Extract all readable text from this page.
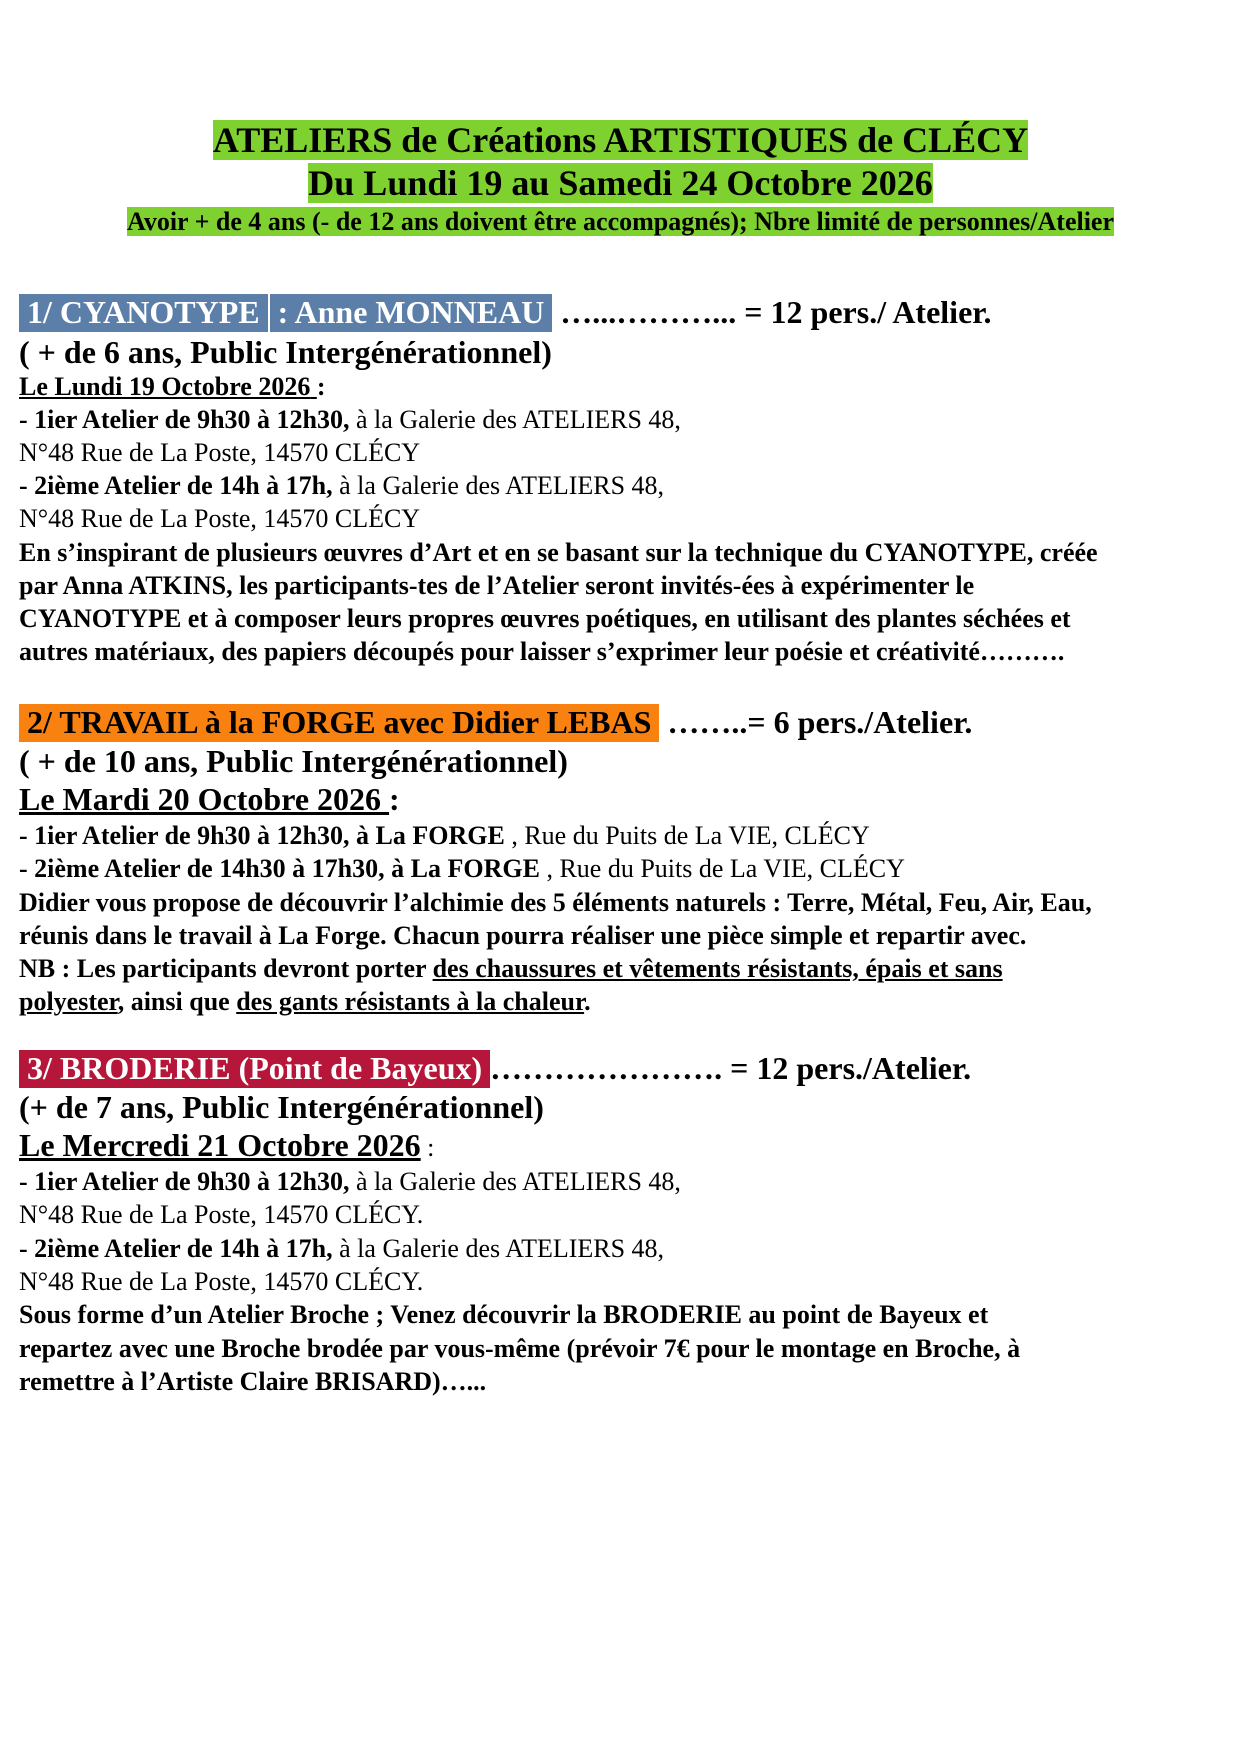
ATELIERS de Créations ARTISTIQUES de CLÉCY
Du Lundi 19 au Samedi 24 Octobre 2026
Avoir + de 4 ans (- de 12 ans doivent être accompagnés); Nbre limité de personnes/Atelier
1/ CYANOTYPE : Anne MONNEAU …...………... = 12 pers./ Atelier.
( + de 6 ans, Public Intergénérationnel)
Le Lundi 19 Octobre 2026 :
- 1ier Atelier de 9h30 à 12h30, à la Galerie des ATELIERS 48,
N°48 Rue de La Poste, 14570 CLÉCY
- 2ième Atelier de 14h à 17h, à la Galerie des ATELIERS 48,
N°48 Rue de La Poste, 14570 CLÉCY
En s’inspirant de plusieurs œuvres d’Art et en se basant sur la technique du CYANOTYPE, créée
par Anna ATKINS, les participants-tes de l’Atelier seront invités-ées à expérimenter le
CYANOTYPE et à composer leurs propres œuvres poétiques, en utilisant des plantes séchées et
autres matériaux, des papiers découpés pour laisser s’exprimer leur poésie et créativité……….
2/ TRAVAIL à la FORGE avec Didier LEBAS ……..= 6 pers./Atelier.
( + de 10 ans, Public Intergénérationnel)
Le Mardi 20 Octobre 2026 :
- 1ier Atelier de 9h30 à 12h30, à La FORGE , Rue du Puits de La VIE, CLÉCY
- 2ième Atelier de 14h30 à 17h30, à La FORGE , Rue du Puits de La VIE, CLÉCY
Didier vous propose de découvrir l’alchimie des 5 éléments naturels : Terre, Métal, Feu, Air, Eau,
réunis dans le travail à La Forge. Chacun pourra réaliser une pièce simple et repartir avec.
NB : Les participants devront porter des chaussures et vêtements résistants, épais et sans
polyester, ainsi que des gants résistants à la chaleur.
3/ BRODERIE (Point de Bayeux) …………………. = 12 pers./Atelier.
(+ de 7 ans, Public Intergénérationnel)
Le Mercredi 21 Octobre 2026 :
- 1ier Atelier de 9h30 à 12h30, à la Galerie des ATELIERS 48,
N°48 Rue de La Poste, 14570 CLÉCY.
- 2ième Atelier de 14h à 17h, à la Galerie des ATELIERS 48,
N°48 Rue de La Poste, 14570 CLÉCY.
Sous forme d’un Atelier Broche ; Venez découvrir la BRODERIE au point de Bayeux et
repartez avec une Broche brodée par vous-même (prévoir 7€ pour le montage en Broche, à
remettre à l’Artiste Claire BRISARD)…...
